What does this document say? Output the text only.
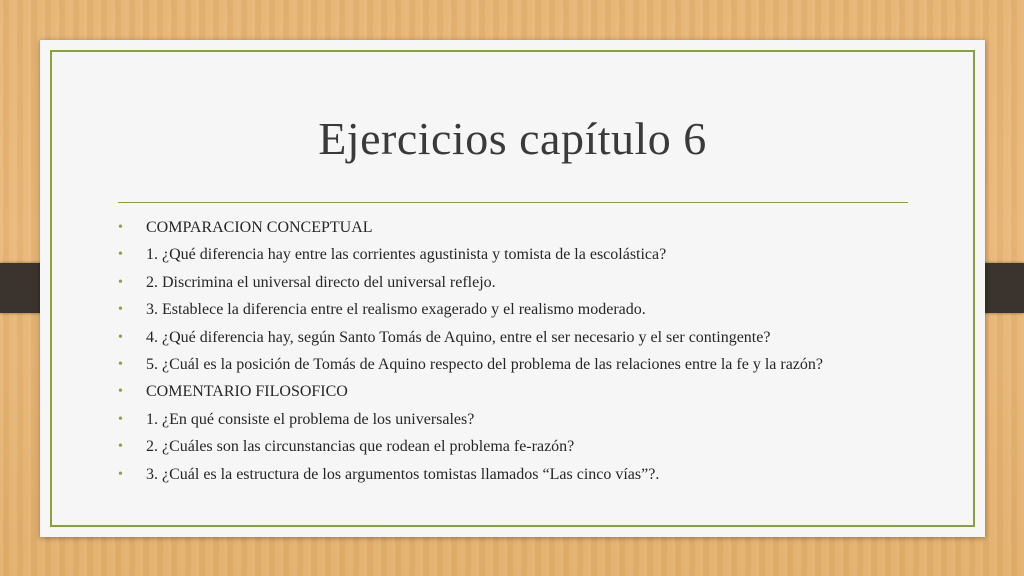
Ejercicios capítulo 6
• COMPARACION CONCEPTUAL
• 1. ¿Qué diferencia hay entre las corrientes agustinista y tomista de la escolástica?
• 2. Discrimina el universal directo del universal reflejo.
• 3. Establece la diferencia entre el realismo exagerado y el realismo moderado.
• 4. ¿Qué diferencia hay, según Santo Tomás de Aquino, entre el ser necesario y el ser contingente?
• 5. ¿Cuál es la posición de Tomás de Aquino respecto del problema de las relaciones entre la fe y la razón?
• COMENTARIO FILOSOFICO
• 1. ¿En qué consiste el problema de los universales?
• 2. ¿Cuáles son las circunstancias que rodean el problema fe-razón?
• 3. ¿Cuál es la estructura de los argumentos tomistas llamados “Las cinco vías”?.
